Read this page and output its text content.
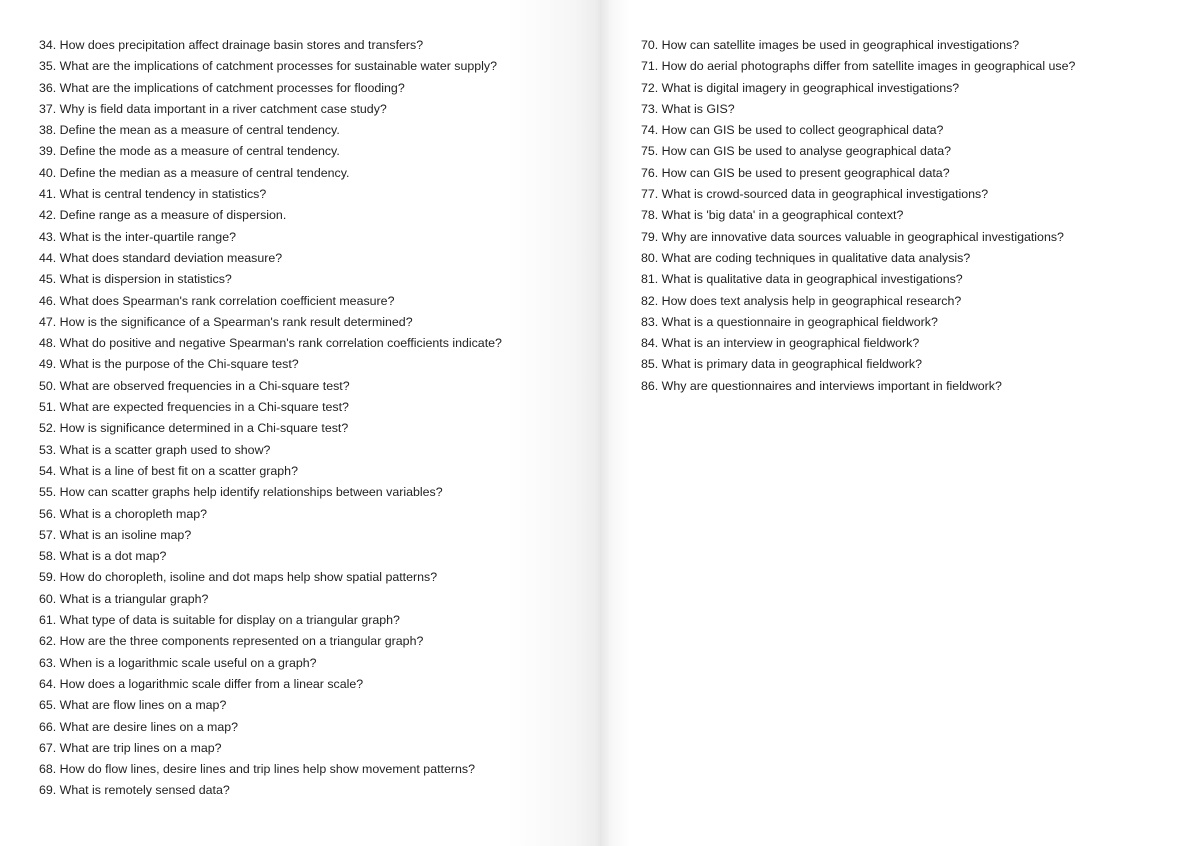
34. How does precipitation affect drainage basin stores and transfers?
35. What are the implications of catchment processes for sustainable water supply?
36. What are the implications of catchment processes for flooding?
37. Why is field data important in a river catchment case study?
38. Define the mean as a measure of central tendency.
39. Define the mode as a measure of central tendency.
40. Define the median as a measure of central tendency.
41. What is central tendency in statistics?
42. Define range as a measure of dispersion.
43. What is the inter-quartile range?
44. What does standard deviation measure?
45. What is dispersion in statistics?
46. What does Spearman's rank correlation coefficient measure?
47. How is the significance of a Spearman's rank result determined?
48. What do positive and negative Spearman's rank correlation coefficients indicate?
49. What is the purpose of the Chi-square test?
50. What are observed frequencies in a Chi-square test?
51. What are expected frequencies in a Chi-square test?
52. How is significance determined in a Chi-square test?
53. What is a scatter graph used to show?
54. What is a line of best fit on a scatter graph?
55. How can scatter graphs help identify relationships between variables?
56. What is a choropleth map?
57. What is an isoline map?
58. What is a dot map?
59. How do choropleth, isoline and dot maps help show spatial patterns?
60. What is a triangular graph?
61. What type of data is suitable for display on a triangular graph?
62. How are the three components represented on a triangular graph?
63. When is a logarithmic scale useful on a graph?
64. How does a logarithmic scale differ from a linear scale?
65. What are flow lines on a map?
66. What are desire lines on a map?
67. What are trip lines on a map?
68. How do flow lines, desire lines and trip lines help show movement patterns?
69. What is remotely sensed data?
70. How can satellite images be used in geographical investigations?
71. How do aerial photographs differ from satellite images in geographical use?
72. What is digital imagery in geographical investigations?
73. What is GIS?
74. How can GIS be used to collect geographical data?
75. How can GIS be used to analyse geographical data?
76. How can GIS be used to present geographical data?
77. What is crowd-sourced data in geographical investigations?
78. What is 'big data' in a geographical context?
79. Why are innovative data sources valuable in geographical investigations?
80. What are coding techniques in qualitative data analysis?
81. What is qualitative data in geographical investigations?
82. How does text analysis help in geographical research?
83. What is a questionnaire in geographical fieldwork?
84. What is an interview in geographical fieldwork?
85. What is primary data in geographical fieldwork?
86. Why are questionnaires and interviews important in fieldwork?
